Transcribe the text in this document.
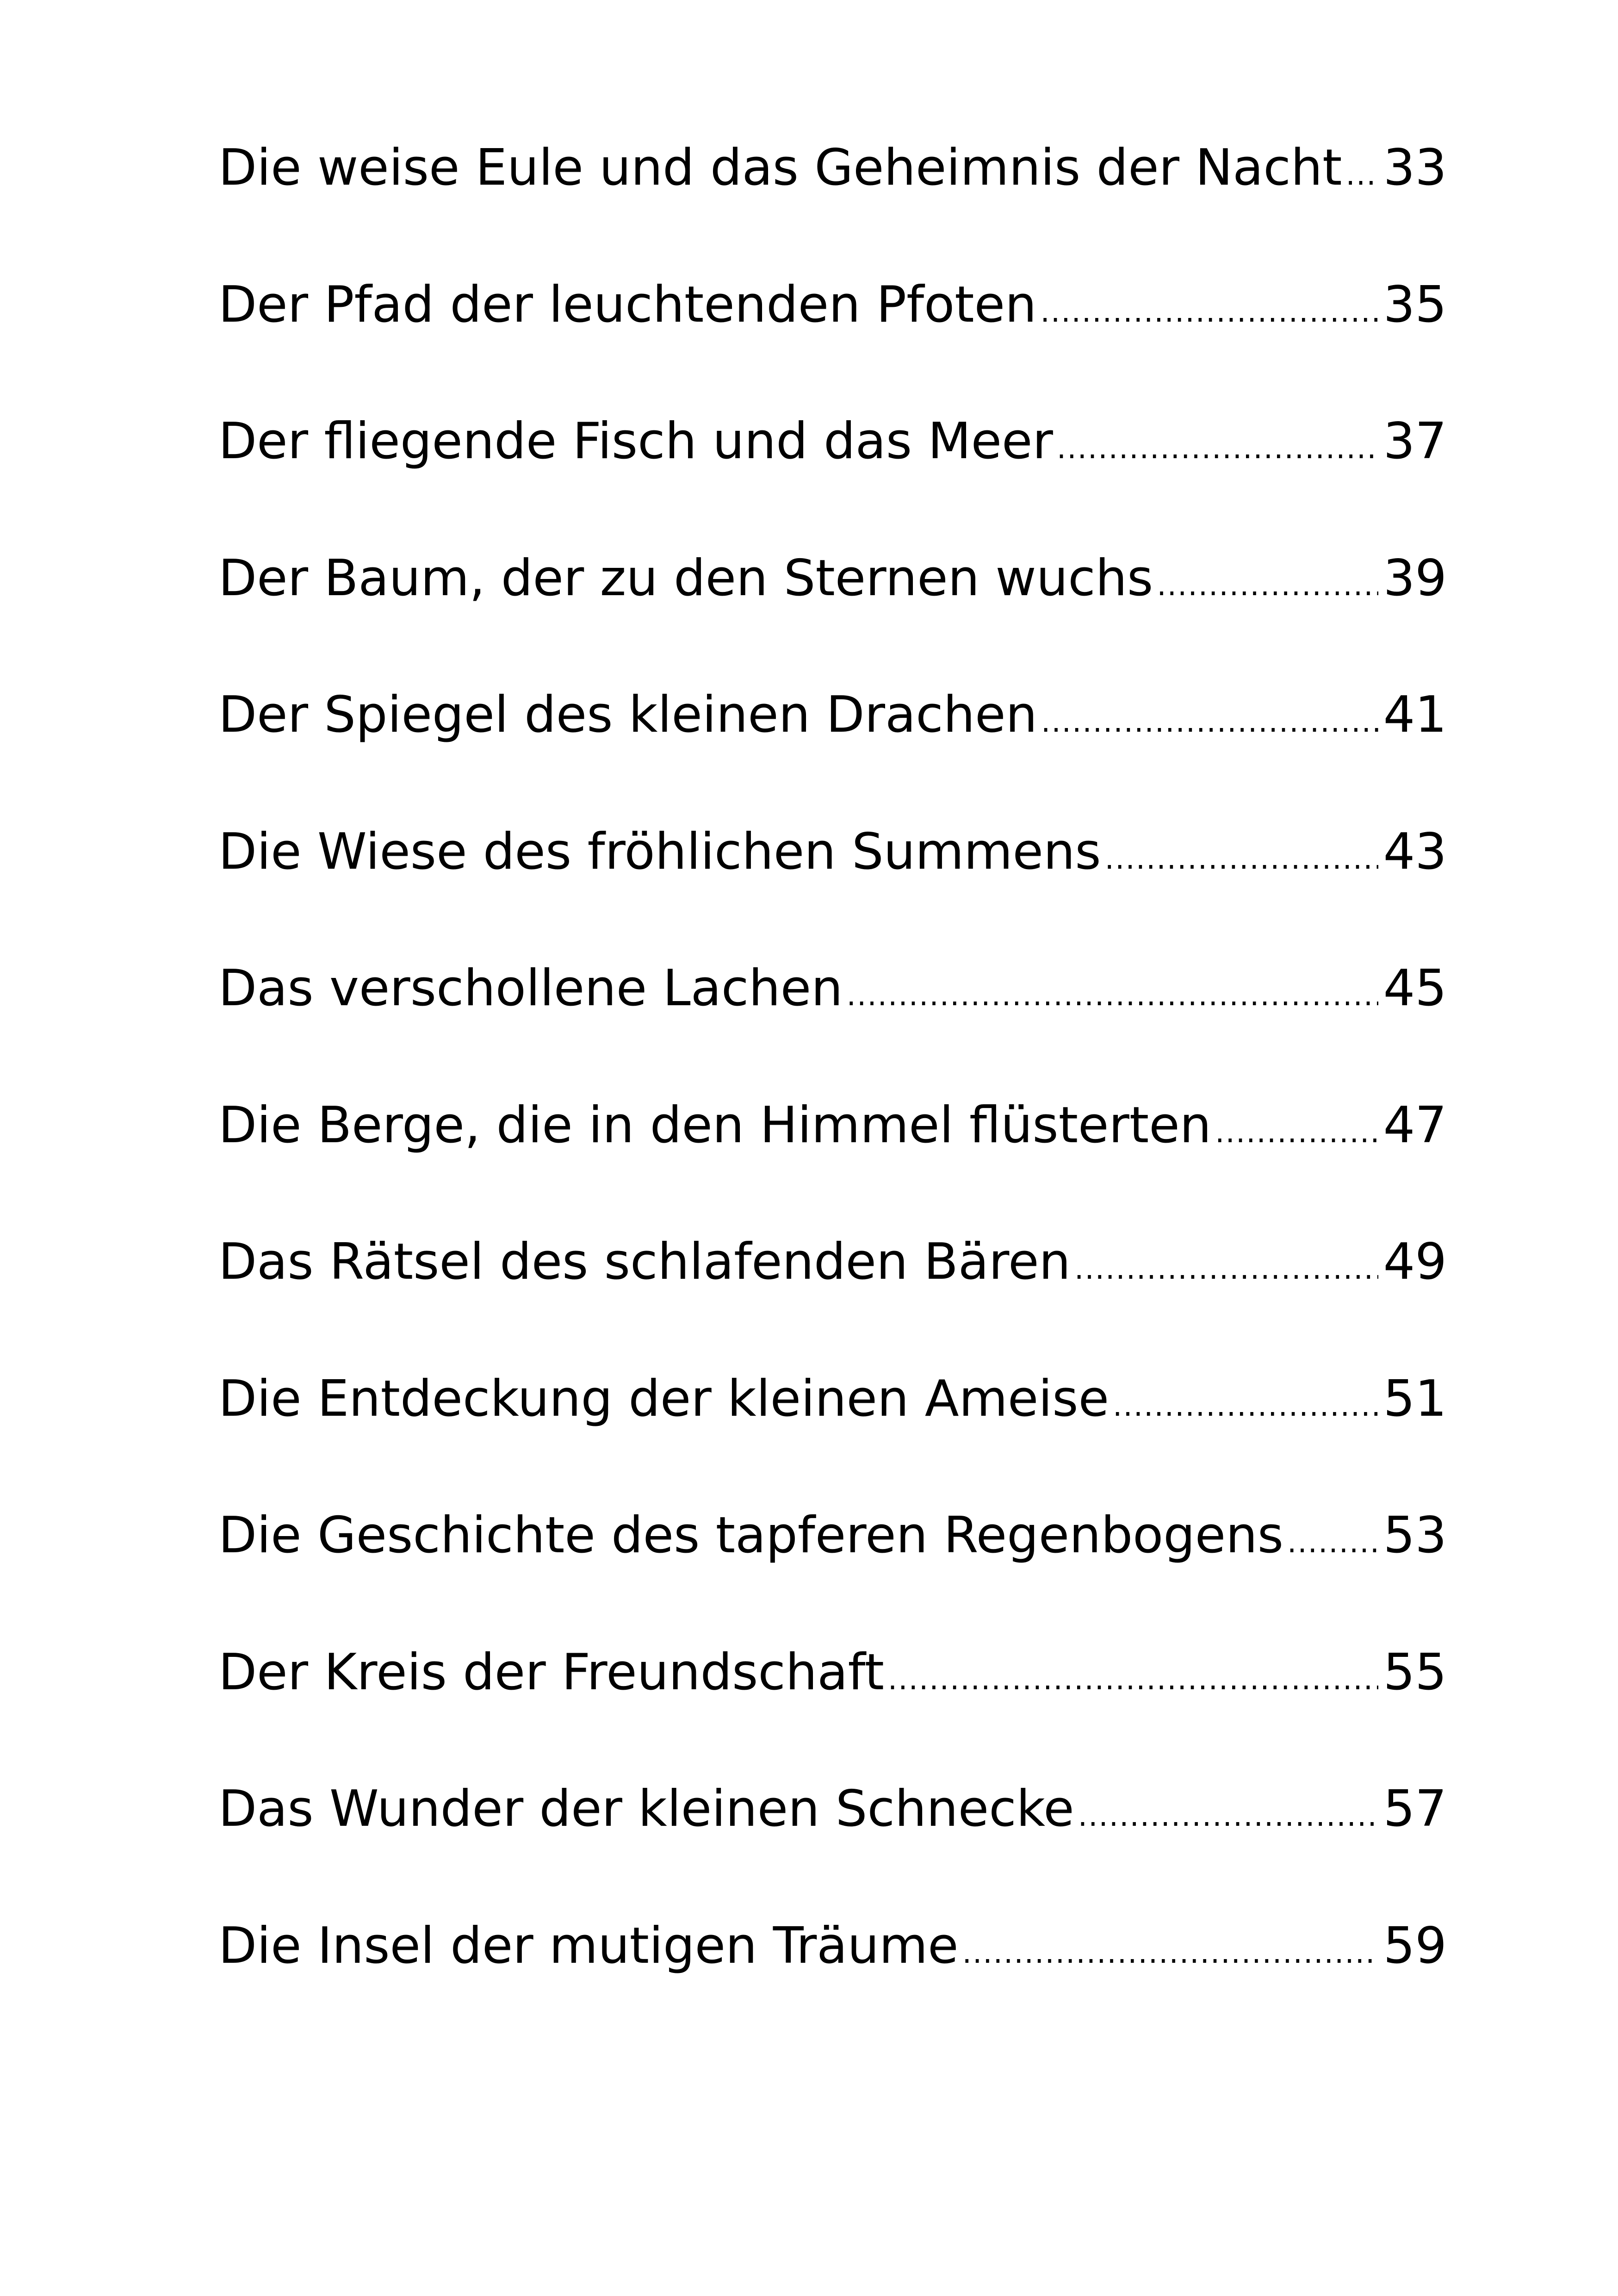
Die weise Eule und das Geheimnis der Nacht ..... 33
Der Pfad der leuchtenden Pfoten .....	35
Der fliegende Fisch und das Meer .....	37
Der Baum, der zu den Sternen wuchs .....	39
Der Spiegel des kleinen Drachen .....	41
Die Wiese des fröhlichen Summens .....	43
Das verschollene Lachen .....	45
Die Berge, die in den Himmel flüsterten .....	47
Das Rätsel des schlafenden Bären .....	49
Die Entdeckung der kleinen Ameise .....	51
Die Geschichte des tapferen Regenbogens ..... 53
Der Kreis der Freundschaft .....	55
Das Wunder der kleinen Schnecke .....	57
Die Insel der mutigen Träume .....	59
